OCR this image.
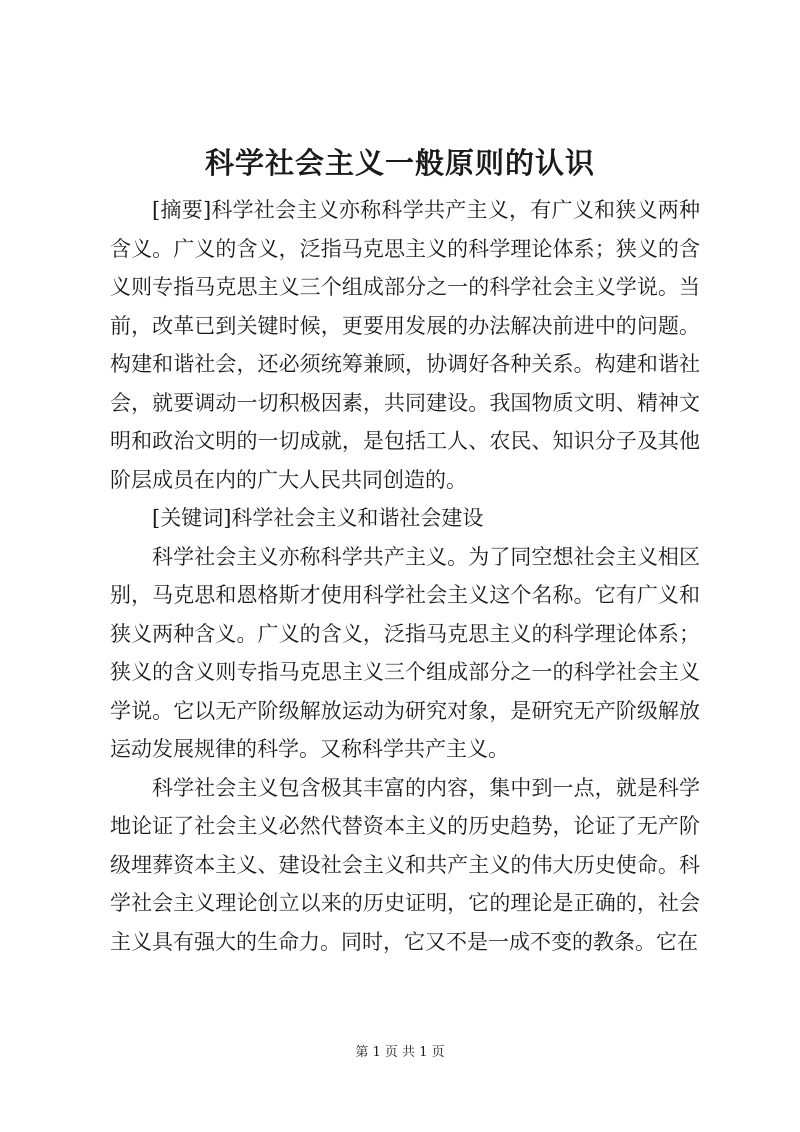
科学社会主义一般原则的认识

[摘要]科学社会主义亦称科学共产主义，有广义和狭义两种含义。广义的含义，泛指马克思主义的科学理论体系；狭义的含义则专指马克思主义三个组成部分之一的科学社会主义学说。当前，改革已到关键时候，更要用发展的办法解决前进中的问题。构建和谐社会，还必须统筹兼顾，协调好各种关系。构建和谐社会，就要调动一切积极因素，共同建设。我国物质文明、精神文明和政治文明的一切成就，是包括工人、农民、知识分子及其他阶层成员在内的广大人民共同创造的。

[关键词]科学社会主义和谐社会建设

科学社会主义亦称科学共产主义。为了同空想社会主义相区别，马克思和恩格斯才使用科学社会主义这个名称。它有广义和狭义两种含义。广义的含义，泛指马克思主义的科学理论体系；狭义的含义则专指马克思主义三个组成部分之一的科学社会主义学说。它以无产阶级解放运动为研究对象，是研究无产阶级解放运动发展规律的科学。又称科学共产主义。

科学社会主义包含极其丰富的内容，集中到一点，就是科学地论证了社会主义必然代替资本主义的历史趋势，论证了无产阶级埋葬资本主义、建设社会主义和共产主义的伟大历史使命。科学社会主义理论创立以来的历史证明，它的理论是正确的，社会主义具有强大的生命力。同时，它又不是一成不变的教条。它在

第 1 页 共 1 页
